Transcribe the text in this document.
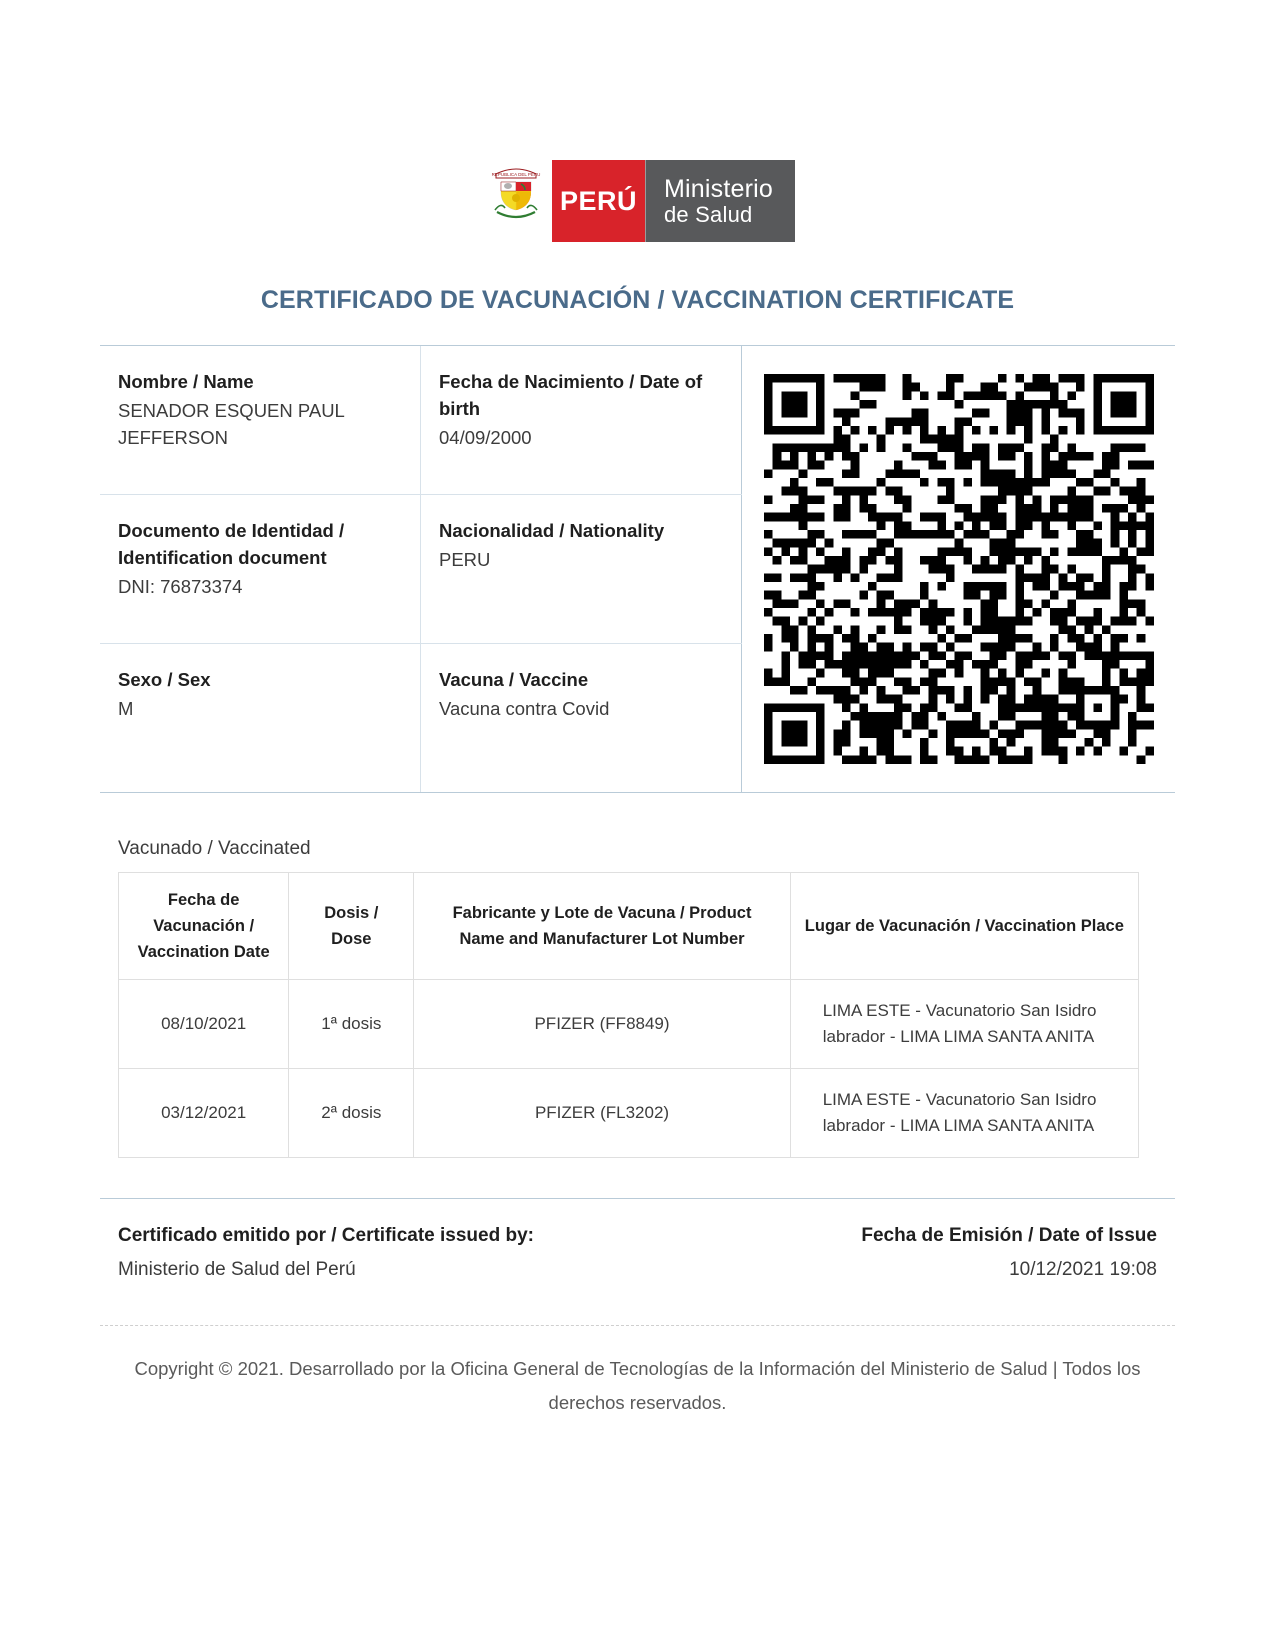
REPUBLICA DEL PERU
PERÚ Ministerio
de Salud
CERTIFICADO DE VACUNACIÓN / VACCINATION CERTIFICATE
Nombre / Name
SENADOR ESQUEN PAUL JEFFERSON
Fecha de Nacimiento / Date of birth
04/09/2000
Documento de Identidad / Identification document
DNI: 76873374
Nacionalidad / Nationality
PERU
Sexo / Sex
M
Vacuna / Vaccine
Vacuna contra Covid
Vacunado / Vaccinated
Fecha de Vacunación / Vaccination Date	Dosis / Dose	Fabricante y Lote de Vacuna / Product Name and Manufacturer Lot Number	Lugar de Vacunación / Vaccination Place
08/10/2021	1ª dosis	PFIZER (FF8849)	LIMA ESTE - Vacunatorio San Isidro labrador - LIMA LIMA SANTA ANITA
03/12/2021	2ª dosis	PFIZER (FL3202)	LIMA ESTE - Vacunatorio San Isidro labrador - LIMA LIMA SANTA ANITA
Certificado emitido por / Certificate issued by:
Ministerio de Salud del Perú
Fecha de Emisión / Date of Issue
10/12/2021 19:08
Copyright © 2021. Desarrollado por la Oficina General de Tecnologías de la Información del Ministerio de Salud | Todos los derechos reservados.
